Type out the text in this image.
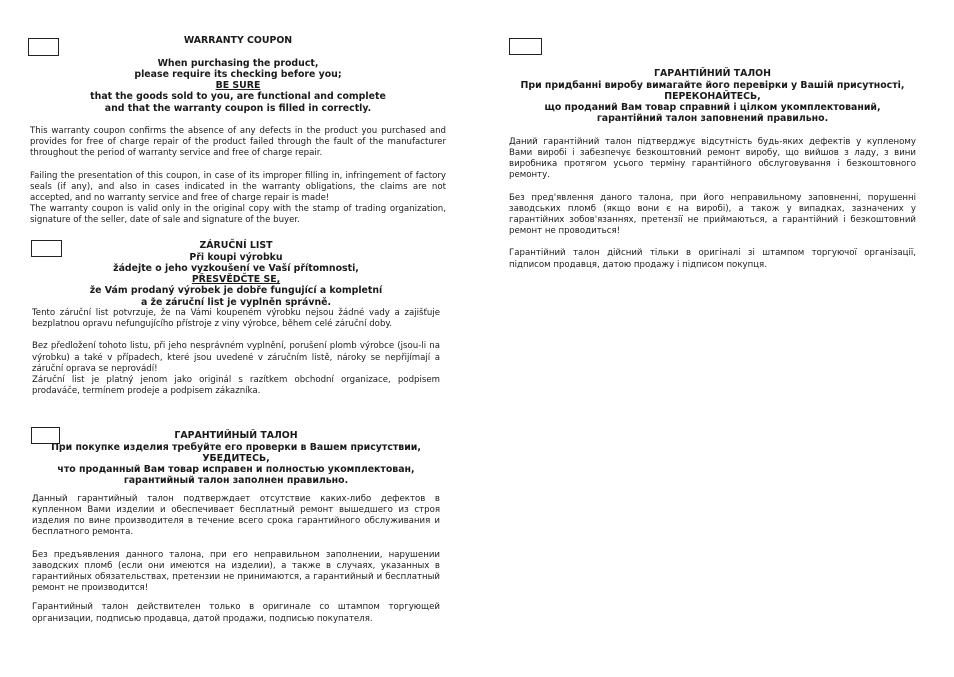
WARRANTY COUPON
When purchasing the product,
please require its checking before you;
BE SURE
that the goods sold to you, are functional and complete
and that the warranty coupon is filled in correctly.

This warranty coupon confirms the absence of any defects in the product you purchased and provides for free of charge repair of the product failed through the fault of the manufacturer throughout the period of warranty service and free of charge repair.

Failing the presentation of this coupon, in case of its improper filling in, infringement of factory seals (if any), and also in cases indicated in the warranty obligations, the claims are not accepted, and no warranty service and free of charge repair is made!

The warranty coupon is valid only in the original copy with the stamp of trading organization, signature of the seller, date of sale and signature of the buyer.

ZÁRUČNÍ LIST
Při koupi výrobku
žádejte o jeho vyzkoušení ve Vaší přítomnosti,
PŘESVĚDČTE SE,
že Vám prodaný výrobek je dobře fungující a kompletní
a že záruční list je vyplněn správně.

Tento záruční list potvrzuje, že na Vámi koupeném výrobku nejsou žádné vady a zajišťuje bezplatnou opravu nefungujícího přístroje z viny výrobce, během celé záruční doby.

Bez předložení tohoto listu, při jeho nesprávném vyplnění, porušení plomb výrobce (jsou-li na výrobku) a také v případech, které jsou uvedené v záručním listě, nároky se nepřijímají a záruční oprava se neprovádí!

Záruční list je platný jenom jako originál s razítkem obchodní organizace, podpisem prodaváče, termínem prodeje a podpisem zákazníka.

ГАРАНТИЙНЫЙ ТАЛОН
При покупке изделия требуйте его проверки в Вашем присутствии,
УБЕДИТЕСЬ,
что проданный Вам товар исправен и полностью укомплектован,
гарантийный талон заполнен правильно.

Данный гарантийный талон подтверждает отсутствие каких-либо дефектов в купленном Вами изделии и обеспечивает бесплатный ремонт вышедшего из строя изделия по вине производителя в течение всего срока гарантийного обслуживания и бесплатного ремонта.

Без предъявления данного талона, при его неправильном заполнении, нарушении заводских пломб (если они имеются на изделии), а также в случаях, указанных в гарантийных обязательствах, претензии не принимаются, а гарантийный и бесплатный ремонт не производится!

Гарантийный талон действителен только в оригинале со штампом торгующей организации, подписью продавца, датой продажи, подписью покупателя.

ГАРАНТІЙНИЙ ТАЛОН
При придбанні виробу вимагайте його перевірки у Вашій присутності,
ПЕРЕКОНАЙТЕСЬ,
що проданий Вам товар справний і цілком укомплектований,
гарантійний талон заповнений правильно.

Даний гарантійний талон підтверджує відсутність будь-яких дефектів у купленому Вами виробі і забезпечує безкоштовний ремонт виробу, що вийшов з ладу, з вини виробника протягом усього терміну гарантійного обслуговування і безкоштовного ремонту.

Без пред'явлення даного талона, при його неправильному заповненні, порушенні заводських пломб (якщо вони є на виробі), а також у випадках, зазначених у гарантійних зобов'язаннях, претензії не приймаються, а гарантійний і безкоштовний ремонт не проводиться!

Гарантійний талон дійсний тільки в оригіналі зі штампом торгуючої організації, підписом продавця, датою продажу і підписом покупця.
